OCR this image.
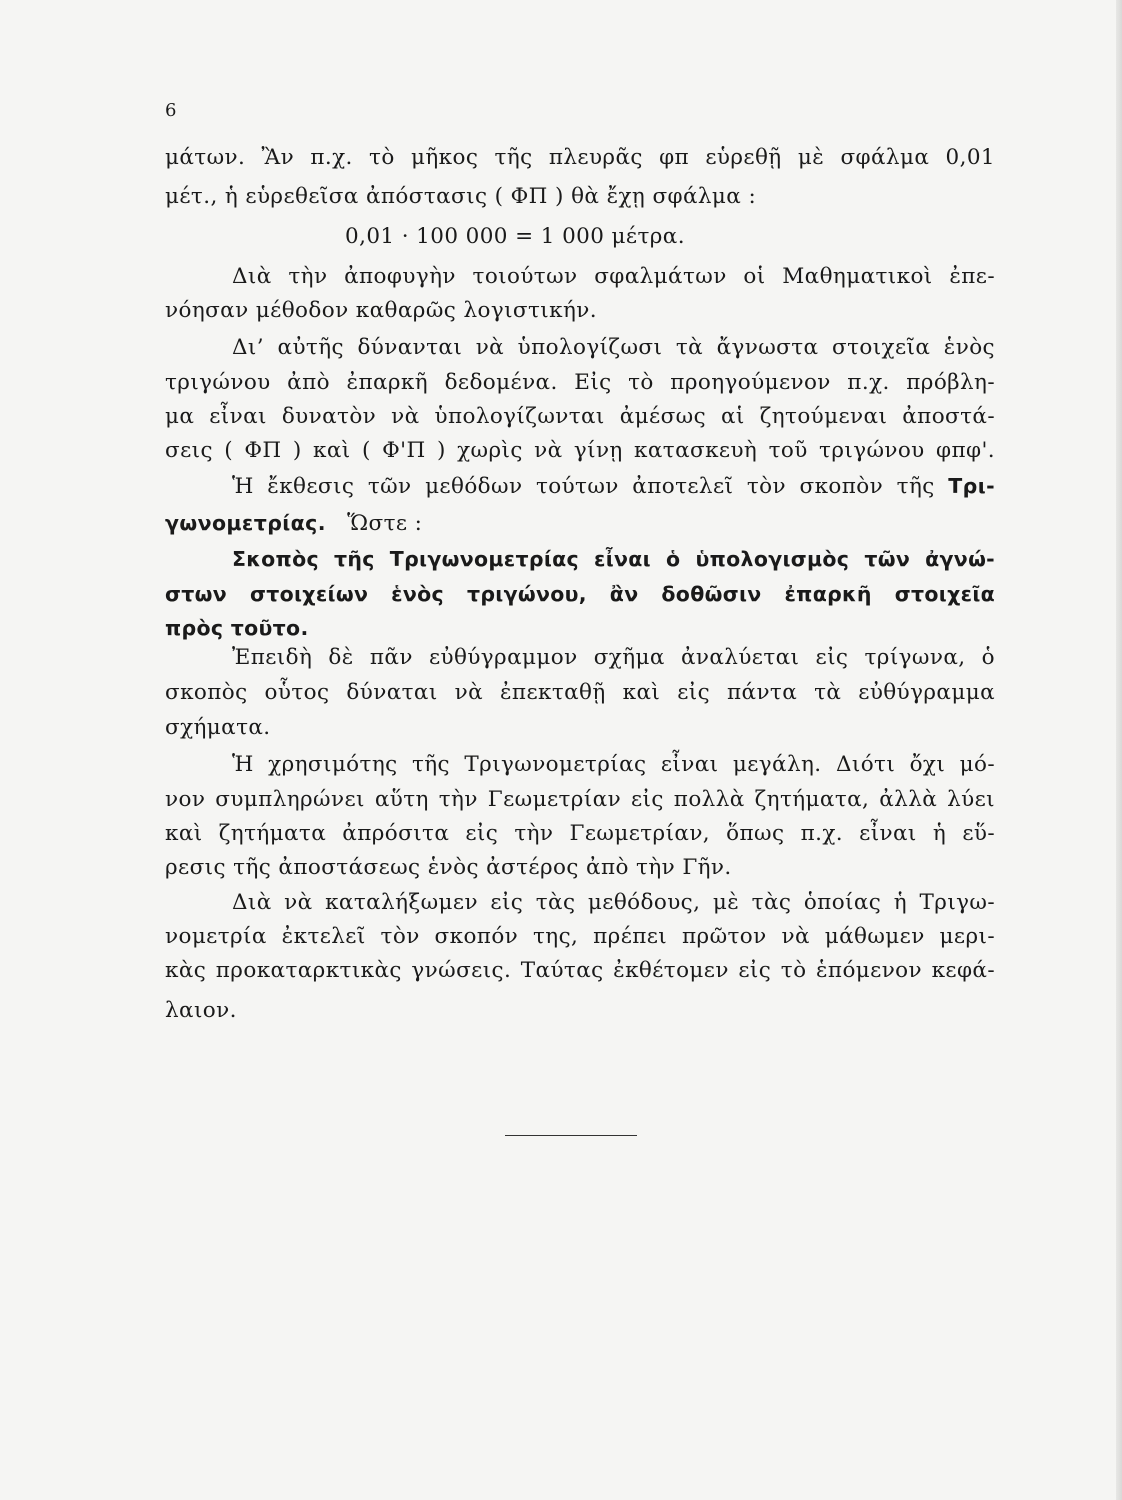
6
μάτων. Ἂν π.χ. τὸ μῆκος τῆς πλευρᾶς φπ εὑρεθῇ μὲ σφάλμα 0,01
μέτ., ἡ εὑρεθεῖσα ἀπόστασις ( ΦΠ ) θὰ ἔχῃ σφάλμα :
0,01 · 100 000 = 1 000 μέτρα.
Διὰ τὴν ἀποφυγὴν τοιούτων σφαλμάτων οἱ Μαθηματικοὶ ἐπε-
νόησαν μέθοδον καθαρῶς λογιστικήν.
Δι’ αὐτῆς δύνανται νὰ ὑπολογίζωσι τὰ ἄγνωστα στοιχεῖα ἑνὸς
τριγώνου ἀπὸ ἐπαρκῆ δεδομένα. Εἰς τὸ προηγούμενον π.χ. πρόβλη-
μα εἶναι δυνατὸν νὰ ὑπολογίζωνται ἀμέσως αἱ ζητούμεναι ἀποστά-
σεις ( ΦΠ ) καὶ ( Φ'Π ) χωρὶς νὰ γίνῃ κατασκευὴ τοῦ τριγώνου φπφ'.
Ἡ ἔκθεσις τῶν μεθόδων τούτων ἀποτελεῖ τὸν σκοπὸν τῆς Τρι-
γωνομετρίας. Ὥστε :
Σκοπὸς τῆς Τριγωνομετρίας εἶναι ὁ ὑπολογισμὸς τῶν ἀγνώ-
στων στοιχείων ἑνὸς τριγώνου, ἂν δοθῶσιν ἐπαρκῆ στοιχεῖα
πρὸς τοῦτο.
Ἐπειδὴ δὲ πᾶν εὐθύγραμμον σχῆμα ἀναλύεται εἰς τρίγωνα, ὁ
σκοπὸς οὗτος δύναται νὰ ἐπεκταθῇ καὶ εἰς πάντα τὰ εὐθύγραμμα
σχήματα.
Ἡ χρησιμότης τῆς Τριγωνομετρίας εἶναι μεγάλη. Διότι ὄχι μό-
νον συμπληρώνει αὕτη τὴν Γεωμετρίαν εἰς πολλὰ ζητήματα, ἀλλὰ λύει
καὶ ζητήματα ἀπρόσιτα εἰς τὴν Γεωμετρίαν, ὅπως π.χ. εἶναι ἡ εὕ-
ρεσις τῆς ἀποστάσεως ἑνὸς ἀστέρος ἀπὸ τὴν Γῆν.
Διὰ νὰ καταλήξωμεν εἰς τὰς μεθόδους, μὲ τὰς ὁποίας ἡ Τριγω-
νομετρία ἐκτελεῖ τὸν σκοπόν της, πρέπει πρῶτον νὰ μάθωμεν μερι-
κὰς προκαταρκτικὰς γνώσεις. Ταύτας ἐκθέτομεν εἰς τὸ ἑπόμενον κεφά-
λαιον.
